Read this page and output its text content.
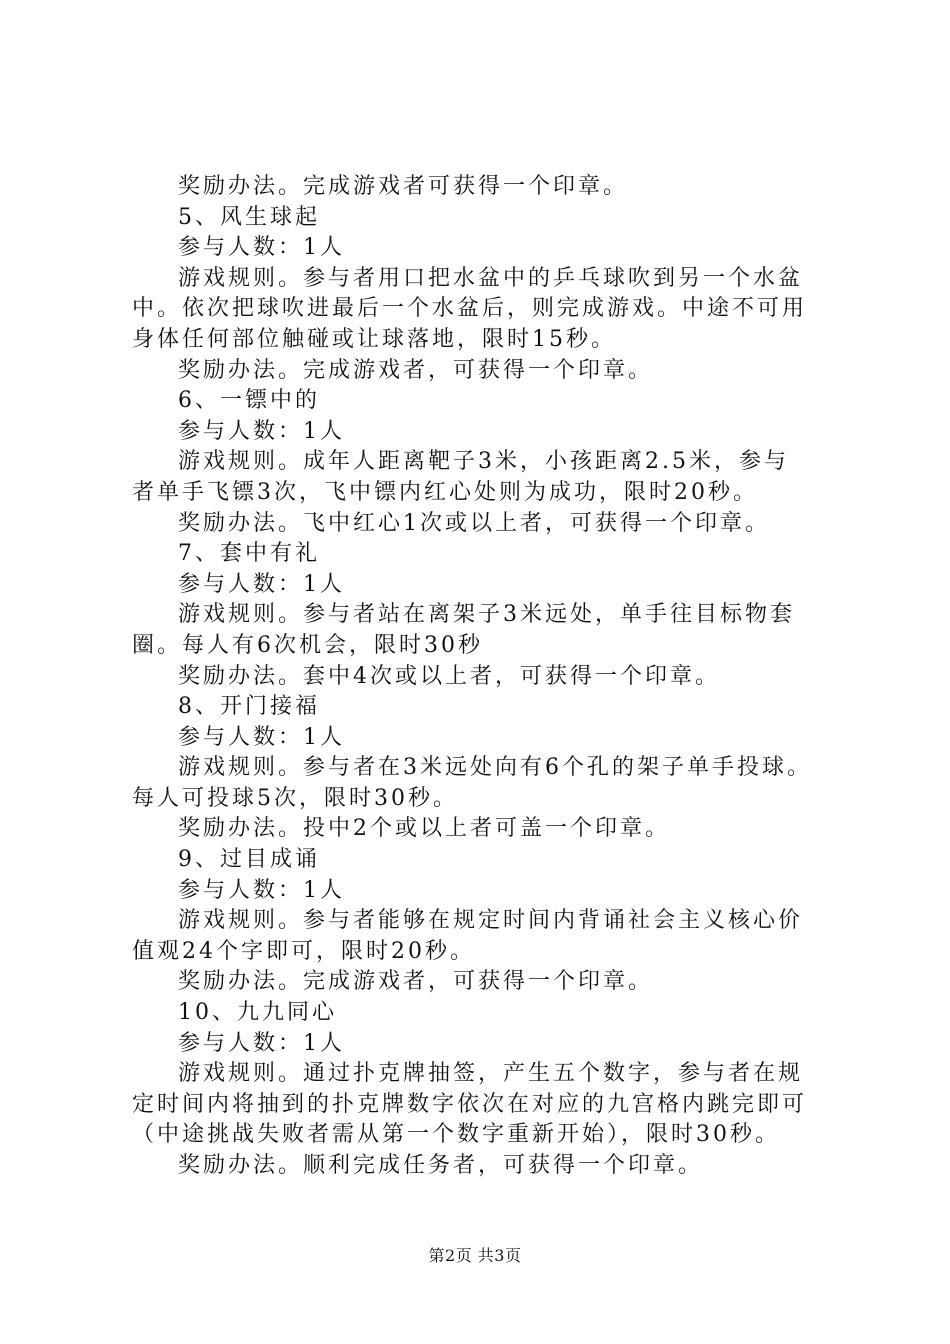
奖励办法。完成游戏者可获得一个印章。
5、风生球起
参与人数：1人
游戏规则。参与者用口把水盆中的乒乓球吹到另一个水盆
中。依次把球吹进最后一个水盆后，则完成游戏。中途不可用
身体任何部位触碰或让球落地，限时15秒。
奖励办法。完成游戏者，可获得一个印章。
6、一镖中的
参与人数：1人
游戏规则。成年人距离靶子3米，小孩距离2.5米，参与
者单手飞镖3次，飞中镖内红心处则为成功，限时20秒。
奖励办法。飞中红心1次或以上者，可获得一个印章。
7、套中有礼
参与人数：1人
游戏规则。参与者站在离架子3米远处，单手往目标物套
圈。每人有6次机会，限时30秒
奖励办法。套中4次或以上者，可获得一个印章。
8、开门接福
参与人数：1人
游戏规则。参与者在3米远处向有6个孔的架子单手投球。
每人可投球5次，限时30秒。
奖励办法。投中2个或以上者可盖一个印章。
9、过目成诵
参与人数：1人
游戏规则。参与者能够在规定时间内背诵社会主义核心价
值观24个字即可，限时20秒。
奖励办法。完成游戏者，可获得一个印章。
10、九九同心
参与人数：1人
游戏规则。通过扑克牌抽签，产生五个数字，参与者在规
定时间内将抽到的扑克牌数字依次在对应的九宫格内跳完即可
（中途挑战失败者需从第一个数字重新开始），限时30秒。
奖励办法。顺利完成任务者，可获得一个印章。
第2页 共3页
